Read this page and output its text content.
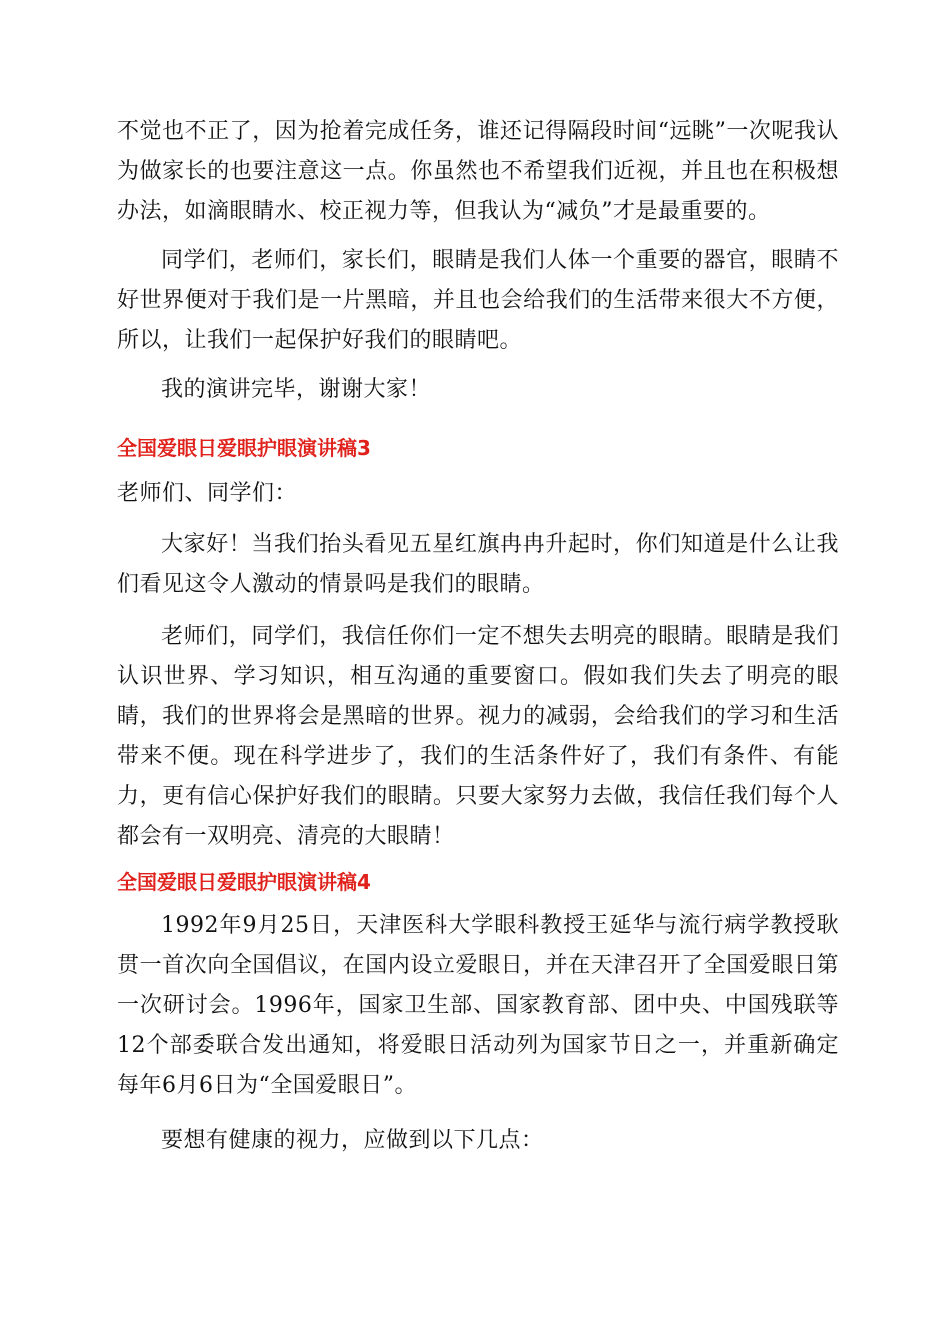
不觉也不正了，因为抢着完成任务，谁还记得隔段时间“远眺”一次呢我认为做家长的也要注意这一点。你虽然也不希望我们近视，并且也在积极想办法，如滴眼睛水、校正视力等，但我认为“减负”才是最重要的。

同学们，老师们，家长们，眼睛是我们人体一个重要的器官，眼睛不好世界便对于我们是一片黑暗，并且也会给我们的生活带来很大不方便，所以，让我们一起保护好我们的眼睛吧。

我的演讲完毕，谢谢大家！

全国爱眼日爱眼护眼演讲稿3

老师们、同学们：

大家好！当我们抬头看见五星红旗冉冉升起时，你们知道是什么让我们看见这令人激动的情景吗是我们的眼睛。

老师们，同学们，我信任你们一定不想失去明亮的眼睛。眼睛是我们认识世界、学习知识，相互沟通的重要窗口。假如我们失去了明亮的眼睛，我们的世界将会是黑暗的世界。视力的减弱，会给我们的学习和生活带来不便。现在科学进步了，我们的生活条件好了，我们有条件、有能力，更有信心保护好我们的眼睛。只要大家努力去做，我信任我们每个人都会有一双明亮、清亮的大眼睛！

全国爱眼日爱眼护眼演讲稿4

1992年9月25日，天津医科大学眼科教授王延华与流行病学教授耿贯一首次向全国倡议，在国内设立爱眼日，并在天津召开了全国爱眼日第一次研讨会。1996年，国家卫生部、国家教育部、团中央、中国残联等12个部委联合发出通知，将爱眼日活动列为国家节日之一，并重新确定每年6月6日为“全国爱眼日”。

要想有健康的视力，应做到以下几点：
